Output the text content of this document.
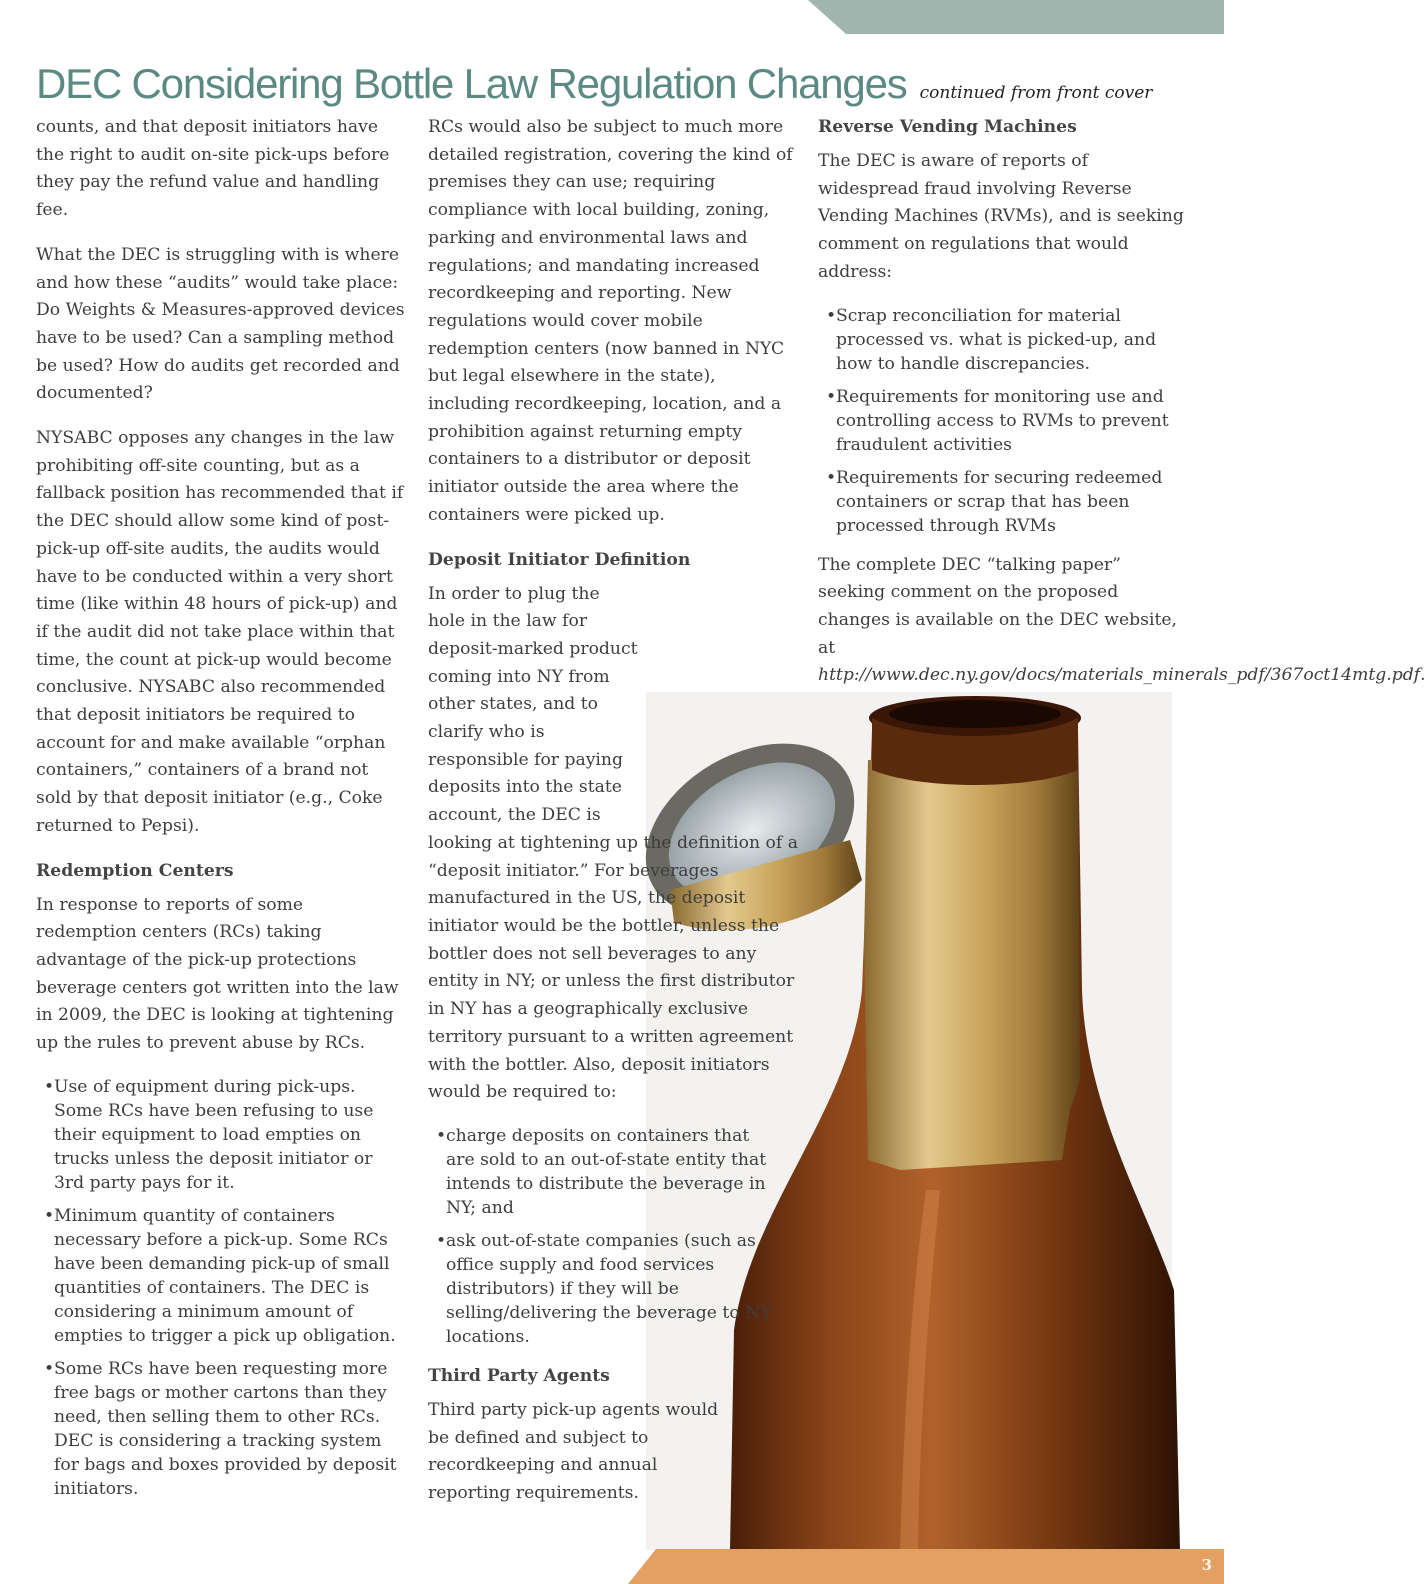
DEC Considering Bottle Law Regulation Changes continued from front cover

counts, and that deposit initiators have the right to audit on-site pick-ups before they pay the refund value and handling fee.

What the DEC is struggling with is where and how these “audits” would take place: Do Weights & Measures-approved devices have to be used? Can a sampling method be used? How do audits get recorded and documented?

NYSABC opposes any changes in the law prohibiting off-site counting, but as a fallback position has recommended that if the DEC should allow some kind of post-pick-up off-site audits, the audits would have to be conducted within a very short time (like within 48 hours of pick-up) and if the audit did not take place within that time, the count at pick-up would become conclusive. NYSABC also recommended that deposit initiators be required to account for and make available “orphan containers,” containers of a brand not sold by that deposit initiator (e.g., Coke returned to Pepsi).

Redemption Centers

In response to reports of some redemption centers (RCs) taking advantage of the pick-up protections beverage centers got written into the law in 2009, the DEC is looking at tightening up the rules to prevent abuse by RCs.

• Use of equipment during pick-ups. Some RCs have been refusing to use their equipment to load empties on trucks unless the deposit initiator or 3rd party pays for it.
• Minimum quantity of containers necessary before a pick-up. Some RCs have been demanding pick-up of small quantities of containers. The DEC is considering a minimum amount of empties to trigger a pick up obligation.
• Some RCs have been requesting more free bags or mother cartons than they need, then selling them to other RCs. DEC is considering a tracking system for bags and boxes provided by deposit initiators.

RCs would also be subject to much more detailed registration, covering the kind of premises they can use; requiring compliance with local building, zoning, parking and environmental laws and regulations; and mandating increased recordkeeping and reporting. New regulations would cover mobile redemption centers (now banned in NYC but legal elsewhere in the state), including recordkeeping, location, and a prohibition against returning empty containers to a distributor or deposit initiator outside the area where the containers were picked up.

Deposit Initiator Definition

In order to plug the hole in the law for deposit-marked product coming into NY from other states, and to clarify who is responsible for paying deposits into the state account, the DEC is looking at tightening up the definition of a “deposit initiator.” For beverages manufactured in the US, the deposit initiator would be the bottler, unless the bottler does not sell beverages to any entity in NY; or unless the first distributor in NY has a geographically exclusive territory pursuant to a written agreement with the bottler. Also, deposit initiators would be required to:

• charge deposits on containers that are sold to an out-of-state entity that intends to distribute the beverage in NY; and
• ask out-of-state companies (such as office supply and food services distributors) if they will be selling/delivering the beverage to NY locations.
Third Party Agents

Third party pick-up agents would be defined and subject to recordkeeping and annual reporting requirements.

Reverse Vending Machines

The DEC is aware of reports of widespread fraud involving Reverse Vending Machines (RVMs), and is seeking comment on regulations that would address:

• Scrap reconciliation for material processed vs. what is picked-up, and how to handle discrepancies.
• Requirements for monitoring use and controlling access to RVMs to prevent fraudulent activities
• Requirements for securing redeemed containers or scrap that has been processed through RVMs

The complete DEC “talking paper” seeking comment on the proposed changes is available on the DEC website, at http://www.dec.ny.gov/docs/materials_minerals_pdf/367oct14mtg.pdf.

3
